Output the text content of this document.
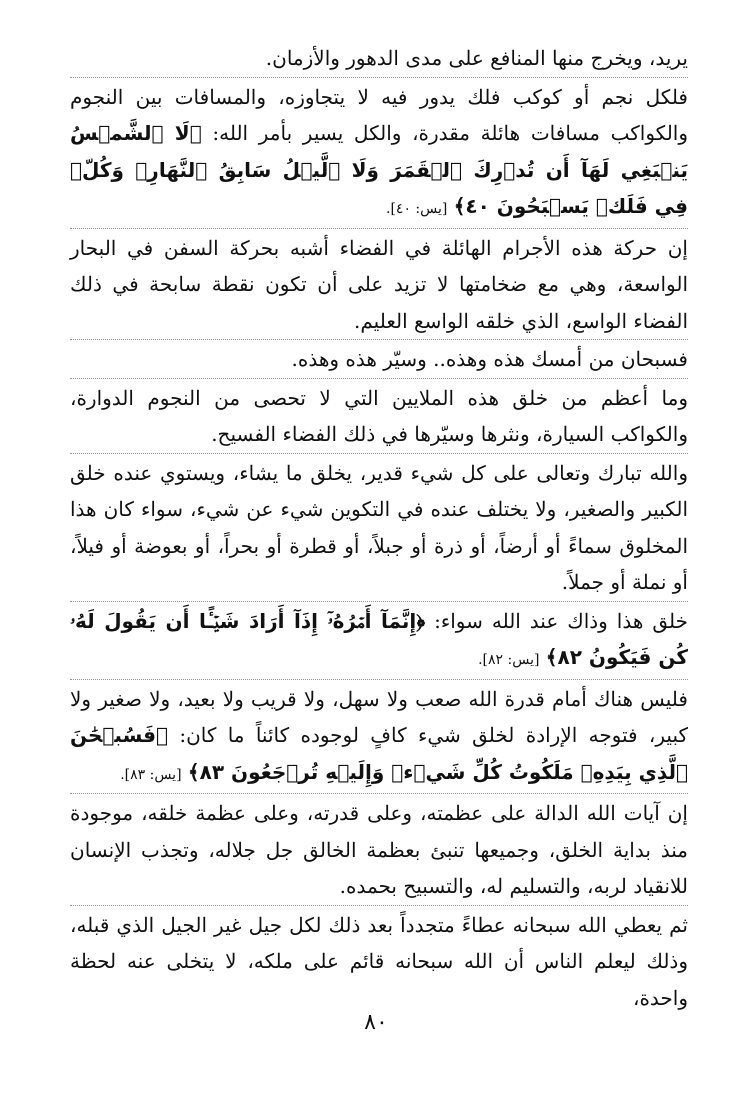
يريد، ويخرج منها المنافع على مدى الدهور والأزمان.

فلكل نجم أو كوكب فلك يدور فيه لا يتجاوزه، والمسافات بين النجوم والكواكب مسافات هائلة مقدرة، والكل يسير بأمر الله: ﴿لَا ٱلشَّمۡسُ يَنۢبَغِي لَهَآ أَن تُدۡرِكَ ٱلۡقَمَرَ وَلَا ٱلَّيۡلُ سَابِقُ ٱلنَّهَارِۚ وَكُلّٞ فِي فَلَكٖ يَسۡبَحُونَ ٤٠﴾ [يس: ٤٠].

إن حركة هذه الأجرام الهائلة في الفضاء أشبه بحركة السفن في البحار الواسعة، وهي مع ضخامتها لا تزيد على أن تكون نقطة سابحة في ذلك الفضاء الواسع، الذي خلقه الواسع العليم.

فسبحان من أمسك هذه وهذه.. وسيّر هذه وهذه.

وما أعظم من خلق هذه الملايين التي لا تحصى من النجوم الدوارة، والكواكب السيارة، ونثرها وسيّرها في ذلك الفضاء الفسيح.

والله تبارك وتعالى على كل شيء قدير، يخلق ما يشاء، ويستوي عنده خلق الكبير والصغير، ولا يختلف عنده في التكوين شيء عن شيء، سواء كان هذا المخلوق سماءً أو أرضاً، أو ذرة أو جبلاً، أو قطرة أو بحراً، أو بعوضة أو فيلاً، أو نملة أو جملاً.

خلق هذا وذاك عند الله سواء: ﴿إِنَّمَآ أَمۡرُهُۥٓ إِذَآ أَرَادَ شَيۡـًٔا أَن يَقُولَ لَهُۥ كُن فَيَكُونُ ٨٢﴾ [يس: ٨٢].

فليس هناك أمام قدرة الله صعب ولا سهل، ولا قريب ولا بعيد، ولا صغير ولا كبير، فتوجه الإرادة لخلق شيء كافٍ لوجوده كائناً ما كان: ﴿فَسُبۡحَٰنَ ٱلَّذِي بِيَدِهِۦ مَلَكُوتُ كُلِّ شَيۡءٖ وَإِلَيۡهِ تُرۡجَعُونَ ٨٣﴾ [يس: ٨٣].

إن آيات الله الدالة على عظمته، وعلى قدرته، وعلى عظمة خلقه، موجودة منذ بداية الخلق، وجميعها تنبئ بعظمة الخالق جل جلاله، وتجذب الإنسان للانقياد لربه، والتسليم له، والتسبيح بحمده.

ثم يعطي الله سبحانه عطاءً متجدداً بعد ذلك لكل جيل غير الجيل الذي قبله، وذلك ليعلم الناس أن الله سبحانه قائم على ملكه، لا يتخلى عنه لحظة واحدة،

٨٠
